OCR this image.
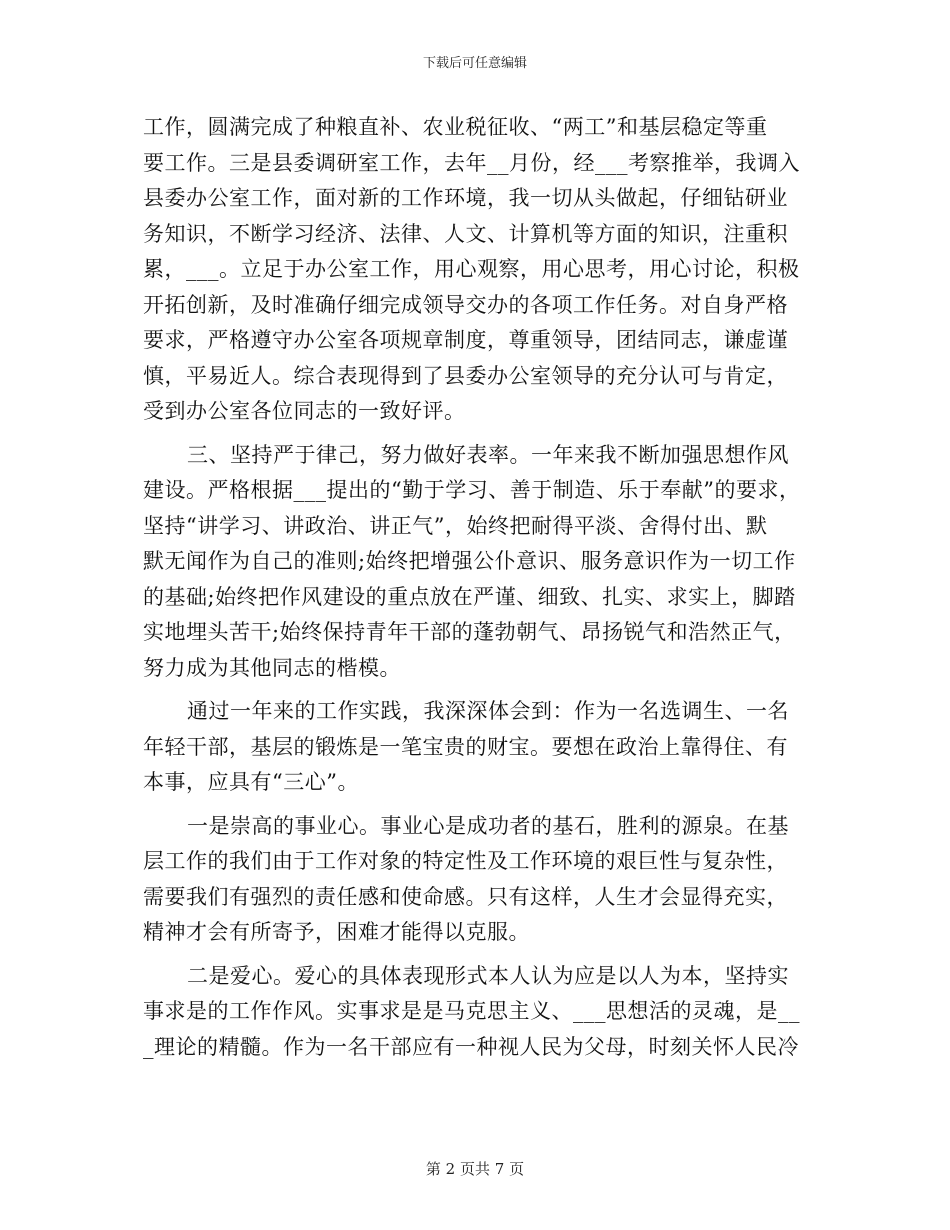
下载后可任意编辑

工作，圆满完成了种粮直补、农业税征收、“两工”和基层稳定等重
要工作。三是县委调研室工作，去年__月份，经___考察推举，我调入
县委办公室工作，面对新的工作环境，我一切从头做起，仔细钻研业
务知识，不断学习经济、法律、人文、计算机等方面的知识，注重积
累，___。立足于办公室工作，用心观察，用心思考，用心讨论，积极
开拓创新，及时准确仔细完成领导交办的各项工作任务。对自身严格
要求，严格遵守办公室各项规章制度，尊重领导，团结同志，谦虚谨
慎，平易近人。综合表现得到了县委办公室领导的充分认可与肯定，
受到办公室各位同志的一致好评。

三、坚持严于律己，努力做好表率。一年来我不断加强思想作风
建设。严格根据___提出的“勤于学习、善于制造、乐于奉献”的要求，
坚持“讲学习、讲政治、讲正气”，始终把耐得平淡、舍得付出、默
默无闻作为自己的准则;始终把增强公仆意识、服务意识作为一切工作
的基础;始终把作风建设的重点放在严谨、细致、扎实、求实上，脚踏
实地埋头苦干;始终保持青年干部的蓬勃朝气、昂扬锐气和浩然正气，
努力成为其他同志的楷模。

通过一年来的工作实践，我深深体会到：作为一名选调生、一名
年轻干部，基层的锻炼是一笔宝贵的财宝。要想在政治上靠得住、有
本事，应具有“三心”。

一是崇高的事业心。事业心是成功者的基石，胜利的源泉。在基
层工作的我们由于工作对象的特定性及工作环境的艰巨性与复杂性，
需要我们有强烈的责任感和使命感。只有这样，人生才会显得充实，
精神才会有所寄予，困难才能得以克服。

二是爱心。爱心的具体表现形式本人认为应是以人为本，坚持实
事求是的工作作风。实事求是是马克思主义、___思想活的灵魂，是__
_理论的精髓。作为一名干部应有一种视人民为父母，时刻关怀人民冷

第 2 页共 7 页
